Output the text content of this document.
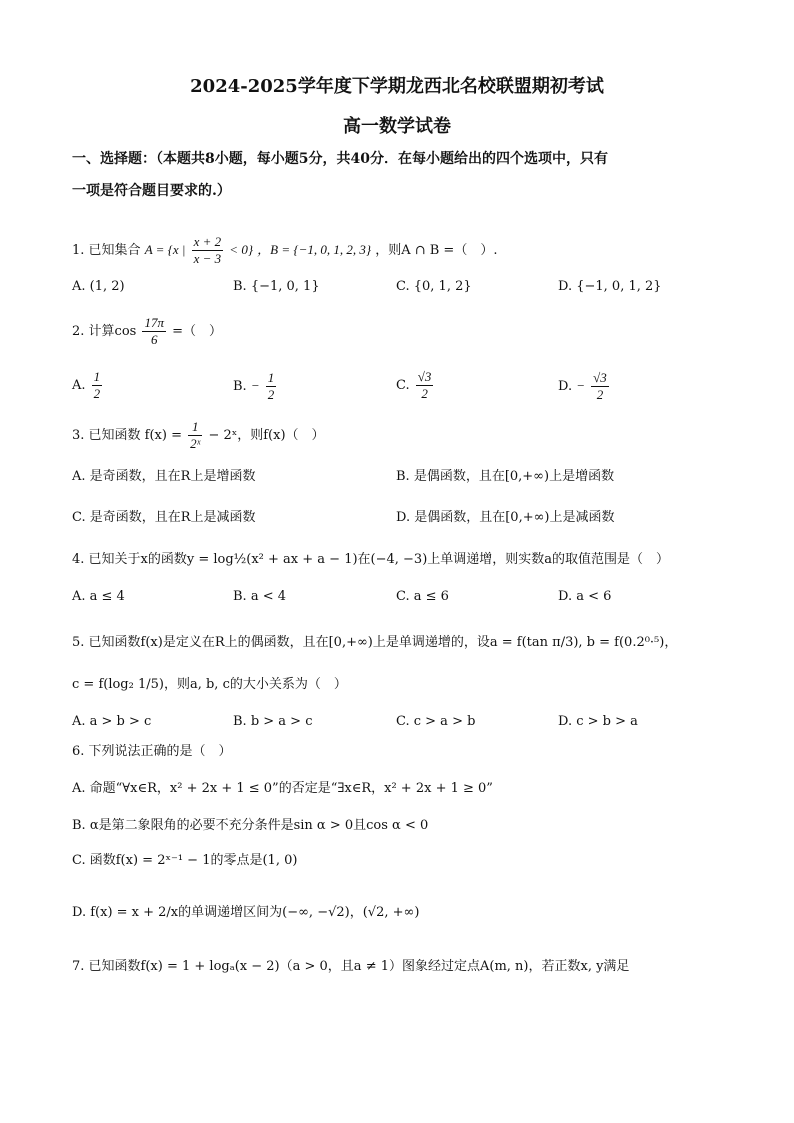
2024-2025学年度下学期龙西北名校联盟期初考试
高一数学试卷
一、选择题：（本题共8小题，每小题5分，共40分．在每小题给出的四个选项中，只有
一项是符合题目要求的.）
1. 已知集合 A = {x | $\frac{x + 2}{x - 3} < 0$} ，B = {−1, 0, 1, 2, 3} ，则A ∩ B =（　）.
A. (1, 2)	B. {−1, 0, 1}	C. {0, 1, 2}	D. {−1, 0, 1, 2}
2. 计算$\cos \frac{17\pi}{6}$ =（　）
A. $\frac{1}{2}$	B. − $\frac{1}{2}$	C. $\frac{√3}{2}$	D. − $\frac{√3}{2}$
3. 已知函数 $f(x) = \frac{1}{\text{2ˣ}}$ − 2ˣ，则f(x)（　）
A. 是奇函数，且在R上是增函数	B. 是偶函数，且在[0,+∞)上是增函数
C. 是奇函数，且在R上是减函数	D. 是偶函数，且在[0,+∞)上是减函数
4. 已知关于x的函数y = log½(x² + ax + a − 1)在(−4, −3)上单调递增，则实数a的取值范围是（　）
A. a ≤ 4	B. a < 4	C. a ≤ 6	D. a < 6
5. 已知函数f(x)是定义在R上的偶函数，且在[0,+∞)上是单调递增的，设a = f(tan π/3), b = f(0.2⁰·⁵)，
c = f(log₂ 1/5)，则a, b, c的大小关系为（　）
A. a > b > c	B. b > a > c	C. c > a > b	D. c > b > a
6. 下列说法正确的是（　）
A. 命题“∀x∈R，x² + 2x + 1 ≤ 0”的否定是“∃x∈R，x² + 2x + 1 ≥ 0”
B. α是第二象限角的必要不充分条件是sin α > 0且cos α < 0
C. 函数f(x) = 2ˣ⁻¹ − 1的零点是(1, 0)
D. f(x) = x + 2/x的单调递增区间为(−∞, −√2)，(√2, +∞)
7. 已知函数f(x) = 1 + logₐ(x − 2)（a > 0，且a ≠ 1）图象经过定点A(m, n)，若正数x, y满足
